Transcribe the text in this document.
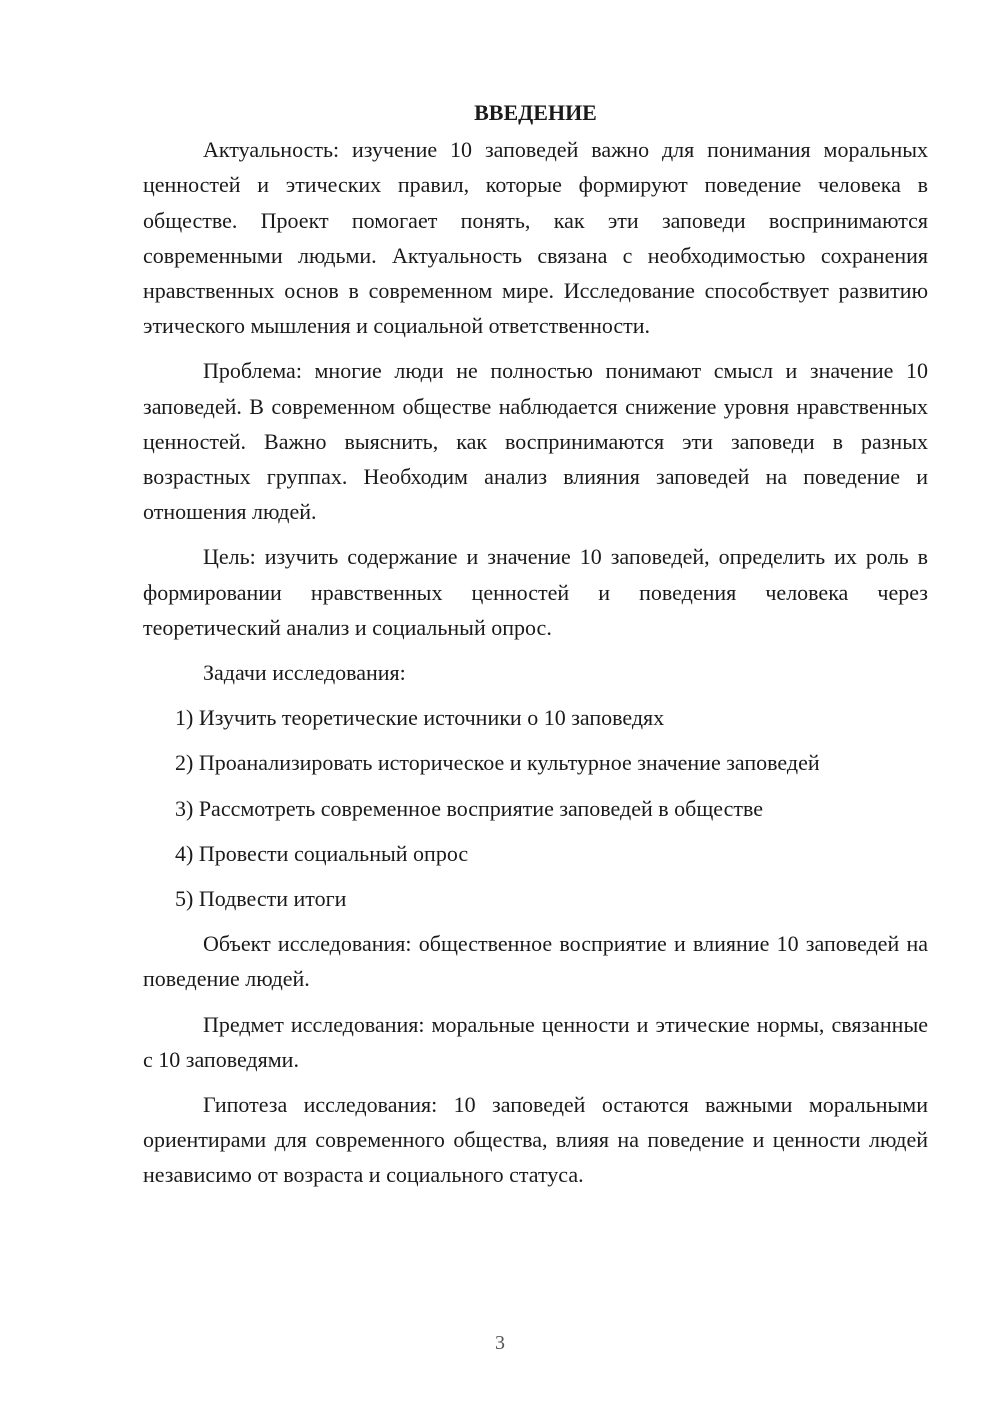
ВВЕДЕНИЕ

Актуальность: изучение 10 заповедей важно для понимания моральных ценностей и этических правил, которые формируют поведение человека в обществе. Проект помогает понять, как эти заповеди воспринимаются современными людьми. Актуальность связана с необходимостью сохранения нравственных основ в современном мире. Исследование способствует развитию этического мышления и социальной ответственности.

Проблема: многие люди не полностью понимают смысл и значение 10 заповедей. В современном обществе наблюдается снижение уровня нравственных ценностей. Важно выяснить, как воспринимаются эти заповеди в разных возрастных группах. Необходим анализ влияния заповедей на поведение и отношения людей.

Цель: изучить содержание и значение 10 заповедей, определить их роль в формировании нравственных ценностей и поведения человека через теоретический анализ и социальный опрос.

Задачи исследования:
1) Изучить теоретические источники о 10 заповедях
2) Проанализировать историческое и культурное значение заповедей
3) Рассмотреть современное восприятие заповедей в обществе
4) Провести социальный опрос
5) Подвести итоги

Объект исследования: общественное восприятие и влияние 10 заповедей на поведение людей.

Предмет исследования: моральные ценности и этические нормы, связанные с 10 заповедями.

Гипотеза исследования: 10 заповедей остаются важными моральными ориентирами для современного общества, влияя на поведение и ценности людей независимо от возраста и социального статуса.

3
